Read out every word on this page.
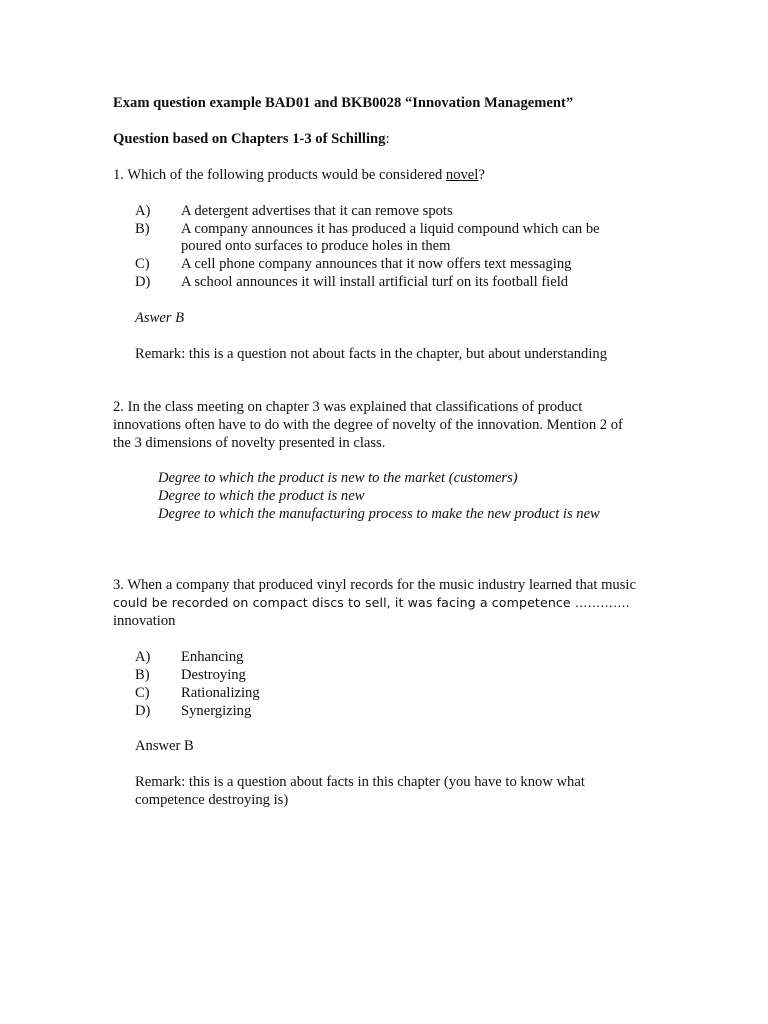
Exam question example BAD01 and BKB0028 “Innovation Management”
Question based on Chapters 1-3 of Schilling:
1. Which of the following products would be considered novel?
A) A detergent advertises that it can remove spots
B) A company announces it has produced a liquid compound which can be
poured onto surfaces to produce holes in them
C) A cell phone company announces that it now offers text messaging
D) A school announces it will install artificial turf on its football field
Aswer B
Remark: this is a question not about facts in the chapter, but about understanding
2. In the class meeting on chapter 3 was explained that classifications of product
innovations often have to do with the degree of novelty of the innovation. Mention 2 of
the 3 dimensions of novelty presented in class.
Degree to which the product is new to the market (customers)
Degree to which the product is new
Degree to which the manufacturing process to make the new product is new
3. When a company that produced vinyl records for the music industry learned that music
could be recorded on compact discs to sell, it was facing a competence ………….
innovation
A) Enhancing
B) Destroying
C) Rationalizing
D) Synergizing
Answer B
Remark: this is a question about facts in this chapter (you have to know what
competence destroying is)
